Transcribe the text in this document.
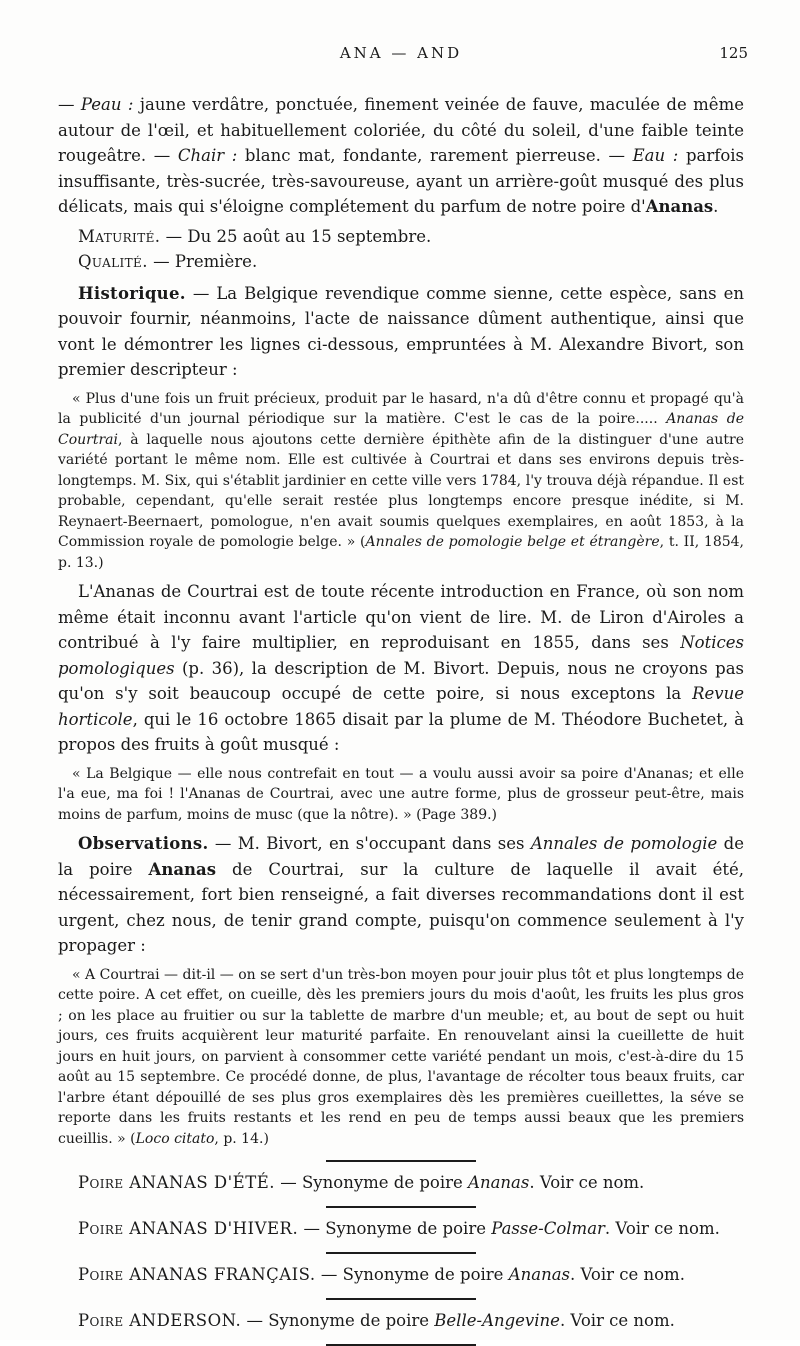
ANA — AND	125

— Peau : jaune verdâtre, ponctuée, finement veinée de fauve, maculée de même autour de l'œil, et habituellement coloriée, du côté du soleil, d'une faible teinte rougeâtre. — Chair : blanc mat, fondante, rarement pierreuse. — Eau : parfois insuffisante, très-sucrée, très-savoureuse, ayant un arrière-goût musqué des plus délicats, mais qui s'éloigne complétement du parfum de notre poire d'Ananas.

Maturité. — Du 25 août au 15 septembre.

Qualité. — Première.

Historique. — La Belgique revendique comme sienne, cette espèce, sans en pouvoir fournir, néanmoins, l'acte de naissance dûment authentique, ainsi que vont le démontrer les lignes ci-dessous, empruntées à M. Alexandre Bivort, son premier descripteur :

« Plus d'une fois un fruit précieux, produit par le hasard, n'a dû d'être connu et propagé qu'à la publicité d'un journal périodique sur la matière. C'est le cas de la poire..... Ananas de Courtrai, à laquelle nous ajoutons cette dernière épithète afin de la distinguer d'une autre variété portant le même nom. Elle est cultivée à Courtrai et dans ses environs depuis très-longtemps. M. Six, qui s'établit jardinier en cette ville vers 1784, l'y trouva déjà répandue. Il est probable, cependant, qu'elle serait restée plus longtemps encore presque inédite, si M. Reynaert-Beernaert, pomologue, n'en avait soumis quelques exemplaires, en août 1853, à la Commission royale de pomologie belge. » (Annales de pomologie belge et étrangère, t. II, 1854, p. 13.)

L'Ananas de Courtrai est de toute récente introduction en France, où son nom même était inconnu avant l'article qu'on vient de lire. M. de Liron d'Airoles a contribué à l'y faire multiplier, en reproduisant en 1855, dans ses Notices pomologiques (p. 36), la description de M. Bivort. Depuis, nous ne croyons pas qu'on s'y soit beaucoup occupé de cette poire, si nous exceptons la Revue horticole, qui le 16 octobre 1865 disait par la plume de M. Théodore Buchetet, à propos des fruits à goût musqué :

« La Belgique — elle nous contrefait en tout — a voulu aussi avoir sa poire d'Ananas; et elle l'a eue, ma foi ! l'Ananas de Courtrai, avec une autre forme, plus de grosseur peut-être, mais moins de parfum, moins de musc (que la nôtre). » (Page 389.)

Observations. — M. Bivort, en s'occupant dans ses Annales de pomologie de la poire Ananas de Courtrai, sur la culture de laquelle il avait été, nécessairement, fort bien renseigné, a fait diverses recommandations dont il est urgent, chez nous, de tenir grand compte, puisqu'on commence seulement à l'y propager :

« A Courtrai — dit-il — on se sert d'un très-bon moyen pour jouir plus tôt et plus longtemps de cette poire. A cet effet, on cueille, dès les premiers jours du mois d'août, les fruits les plus gros ; on les place au fruitier ou sur la tablette de marbre d'un meuble; et, au bout de sept ou huit jours, ces fruits acquièrent leur maturité parfaite. En renouvelant ainsi la cueillette de huit jours en huit jours, on parvient à consommer cette variété pendant un mois, c'est-à-dire du 15 août au 15 septembre. Ce procédé donne, de plus, l'avantage de récolter tous beaux fruits, car l'arbre étant dépouillé de ses plus gros exemplaires dès les premières cueillettes, la séve se reporte dans les fruits restants et les rend en peu de temps aussi beaux que les premiers cueillis. » (Loco citato, p. 14.)

Poire ANANAS D'ÉTÉ. — Synonyme de poire Ananas. Voir ce nom.

Poire ANANAS D'HIVER. — Synonyme de poire Passe-Colmar. Voir ce nom.

Poire ANANAS FRANÇAIS. — Synonyme de poire Ananas. Voir ce nom.

Poire ANDERSON. — Synonyme de poire Belle-Angevine. Voir ce nom.
